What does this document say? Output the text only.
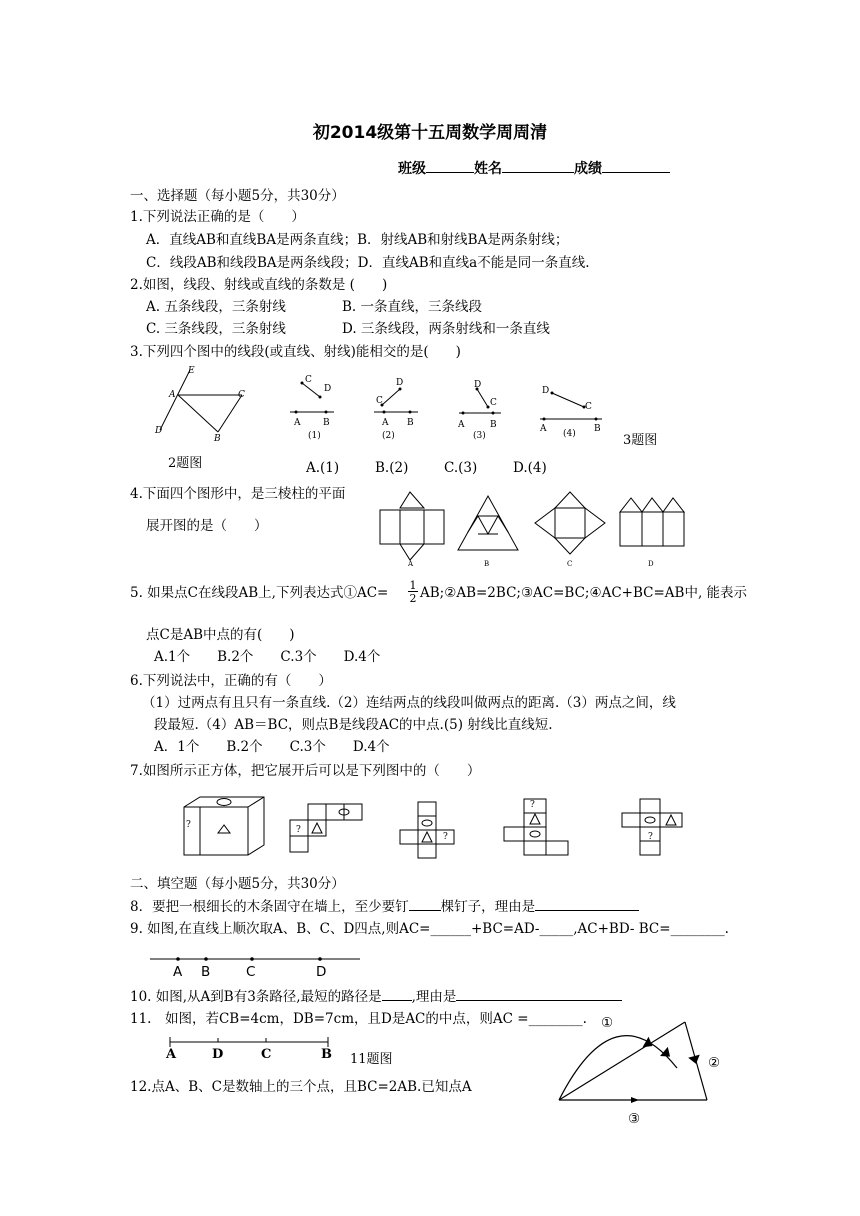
初2014级第十五周数学周周清
班级	姓名	成绩
一、选择题（每小题5分，共30分）
1.下列说法正确的是（　　）
A．直线AB和直线BA是两条直线；B．射线AB和射线BA是两条射线；
C．线段AB和线段BA是两条线段；D．直线AB和直线a不能是同一条直线.
2.如图，线段、射线或直线的条数是 (　　)
A. 五条线段，三条射线	B. 一条直线，三条线段
C. 三条线段，三条射线	D. 三条线段，两条射线和一条直线
3.下列四个图中的线段(或直线、射线)能相交的是(　　)
E
A	C
D
B
2题图
C
D
A	B
(1)
D
C
A B
(2)
D
C
A	B
(3)
D
C
A	B
(4)	3题图
A.(1)	B.(2)	C.(3)	D.(4)
4.下面四个图形中，是三棱柱的平面
展开图的是（　　）
A	B	C	D
5. 如果点C在线段AB上,下列表达式①AC= 1
2 AB;②AB=2BC;③AC=BC;④AC+BC=AB中, 能表示
点C是AB中点的有(　　)
A.1个　　B.2个　　C.3个　　D.4个
6.下列说法中，正确的有（　　）
（1）过两点有且只有一条直线.（2）连结两点的线段叫做两点的距离.（3）两点之间，线
段最短.（4）AB＝BC，则点B是线段AC的中点.(5) 射线比直线短.
A．1个　　B.2个　　C.3个　　D.4个
7.如图所示正方体，把它展开后可以是下列图中的（　　）
?	?
?
?
?
二、填空题（每小题5分，共30分）
8．要把一根细长的木条固守在墙上，至少要钉 棵钉子，理由是
9. 如图,在直线上顺次取A、B、C、D四点,则AC=______+BC=AD-_____,AC+BD- BC=________.
A B	C	D
10. 如图,从A到B有3条路径,最短的路径是 ,理由是
11.　如图，若CB=4cm，DB=7cm，且D是AC的中点，则AC =________.
A	D	C	B 11题图
①
②
③
12.点A、B、C是数轴上的三个点，且BC=2AB.已知点A
